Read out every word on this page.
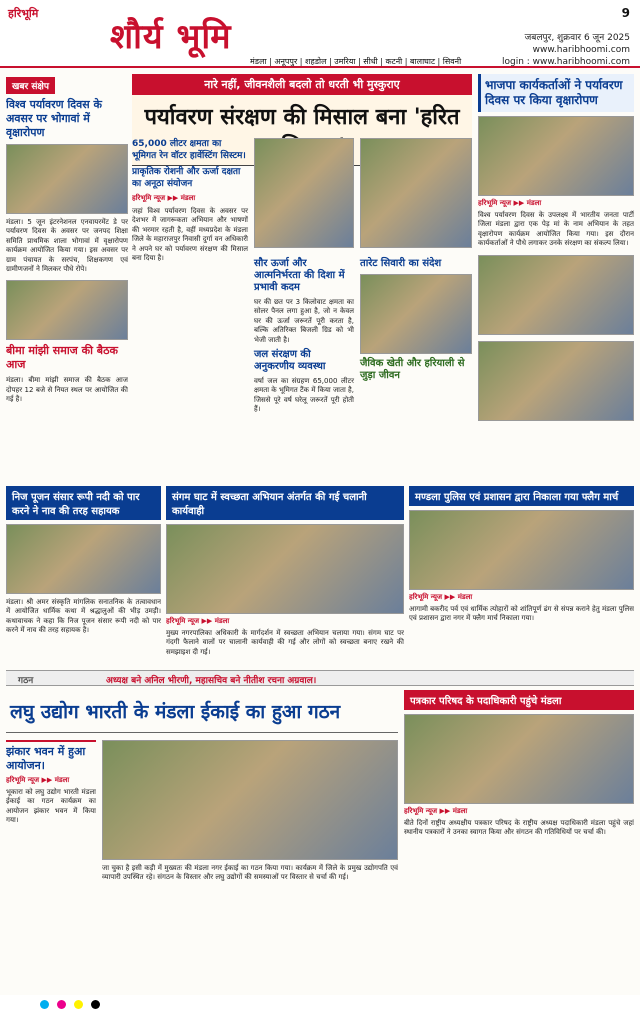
हरिभूमि
शौर्य भूमि
9
जबलपुर, शुक्रवार 6 जून 2025
www.haribhoomi.com
login : www.haribhoomi.com
मंडला | अनूपपुर | शहडोल | उमरिया | सीधी | कटनी | बालाघाट | सिवनी
खबर संक्षेप
विश्व पर्यावरण दिवस के अवसर पर भोगावां में वृक्षारोपण
मंडला। 5 जून इंटरनेशनल एनवायरमेंट डे पर पर्यावरण दिवस के अवसर पर जनपद शिक्षा समिति प्राथमिक शाला भोगावां में वृक्षारोपण कार्यक्रम आयोजित किया गया। इस अवसर पर ग्राम पंचायत के सरपंच, शिक्षकगण एवं ग्रामीणजनों ने मिलकर पौधे रोपे।
बीमा मांझी समाज की बैठक आज
मंडला। बीमा मांझी समाज की बैठक आज दोपहर 12 बजे से नियत स्थल पर आयोजित की गई है।
नारे नहीं, जीवनशैली बदलो तो धरती भी मुस्कुराए
पर्यावरण संरक्षण की मिसाल बना 'हरित
65,000 लीटर क्षमता का भूमिगत रेन वॉटर हार्वेस्टिंग सिस्टम।
प्राकृतिक रोशनी और ऊर्जा दक्षता का अनूठा संयोजन
हरिभूमि न्यूज ▶▶ मंडला
जहां विश्व पर्यावरण दिवस के अवसर पर देशभर में जागरूकता अभियान और भाषणों की भरमार रहती है, वहीं मध्यप्रदेश के मंडला जिले के महाराजपुर निवासी दुर्गा वन अधिकारी ने अपने घर को पर्यावरण संरक्षण की मिसाल बना दिया है।	सौर ऊर्जा और आत्मनिर्भरता की दिशा में प्रभावी कदम
घर की छत पर 3 किलोवाट क्षमता का सोलर पैनल लगा हुआ है, जो न केवल घर की ऊर्जा जरूरतें पूरी करता है, बल्कि अतिरिक्त बिजली ग्रिड को भी भेजी जाती है।
जल संरक्षण की अनुकरणीय व्यवस्था
वर्षा जल का संग्रहण 65,000 लीटर क्षमता के भूमिगत टैंक में किया जाता है, जिससे पूरे वर्ष घरेलू जरूरतें पूरी होती हैं।
तारेट सिवारी का संदेश
जैविक खेती और हरियाली से जुड़ा जीवन
भाजपा कार्यकर्ताओं ने पर्यावरण दिवस पर किया वृक्षारोपण
हरिभूमि न्यूज ▶▶ मंडला
विश्व पर्यावरण दिवस के उपलक्ष्य में भारतीय जनता पार्टी जिला मंडला द्वारा एक पेड़ मां के नाम अभियान के तहत वृक्षारोपण कार्यक्रम आयोजित किया गया। इस दौरान कार्यकर्ताओं ने पौधे लगाकर उनके संरक्षण का संकल्प लिया।
निज पूजन संसार रूपी नदी को पार करने ने नाव की तरह सहायक
मंडला। श्री अमर संस्कृति मांगलिक सनातनिक के तत्वावधान में आयोजित धार्मिक कथा में श्रद्धालुओं की भीड़ उमड़ी। कथावाचक ने कहा कि निज पूजन संसार रूपी नदी को पार करने में नाव की तरह सहायक है।
संगम घाट में स्वच्छता अभियान अंतर्गत की गई चलानी कार्यवाही
हरिभूमि न्यूज ▶▶ मंडला
मुख्य नगरपालिका अधिकारी के मार्गदर्शन में स्वच्छता अभियान चलाया गया। संगम घाट पर गंदगी फैलाने वालों पर चालानी कार्यवाही की गई और लोगों को स्वच्छता बनाए रखने की समझाइश दी गई।
मण्डला पुलिस एवं प्रशासन द्वारा निकाला गया फ्लैग मार्च
हरिभूमि न्यूज ▶▶ मंडला
आगामी बकरीद पर्व एवं धार्मिक त्योहारों को शांतिपूर्ण ढंग से संपन्न कराने हेतु मंडला पुलिस एवं प्रशासन द्वारा नगर में फ्लैग मार्च निकाला गया।
गठन	अध्यक्ष बने अनिल भीरणी, महासचिव बने नीतीश रचना अग्रवाल।
लघु उद्योग भारती के मंडला ईकाई का हुआ गठन
झंकार भवन में हुआ आयोजन।
हरिभूमि न्यूज ▶▶ मंडला
भूकारा को लघु उद्योग भारती मंडला ईकाई का गठन कार्यक्रम का आयोजन झंकार भवन में किया गया।
जा चुका है इसी कड़ी में मुख्यतः की मंडला नगर ईकाई का गठन किया गया। कार्यक्रम में जिले के प्रमुख उद्योगपति एवं व्यापारी उपस्थित रहे। संगठन के विस्तार और लघु उद्योगों की समस्याओं पर विस्तार से चर्चा की गई।
पत्रकार परिषद के पदाधिकारी पहुंचे मंडला
हरिभूमि न्यूज ▶▶ मंडला
बीते दिनों राष्ट्रीय अध्यक्षीय पत्रकार परिषद के राष्ट्रीय अध्यक्ष पदाधिकारी मंडला पहुंचे जहां स्थानीय पत्रकारों ने उनका स्वागत किया और संगठन की गतिविधियों पर चर्चा की।
